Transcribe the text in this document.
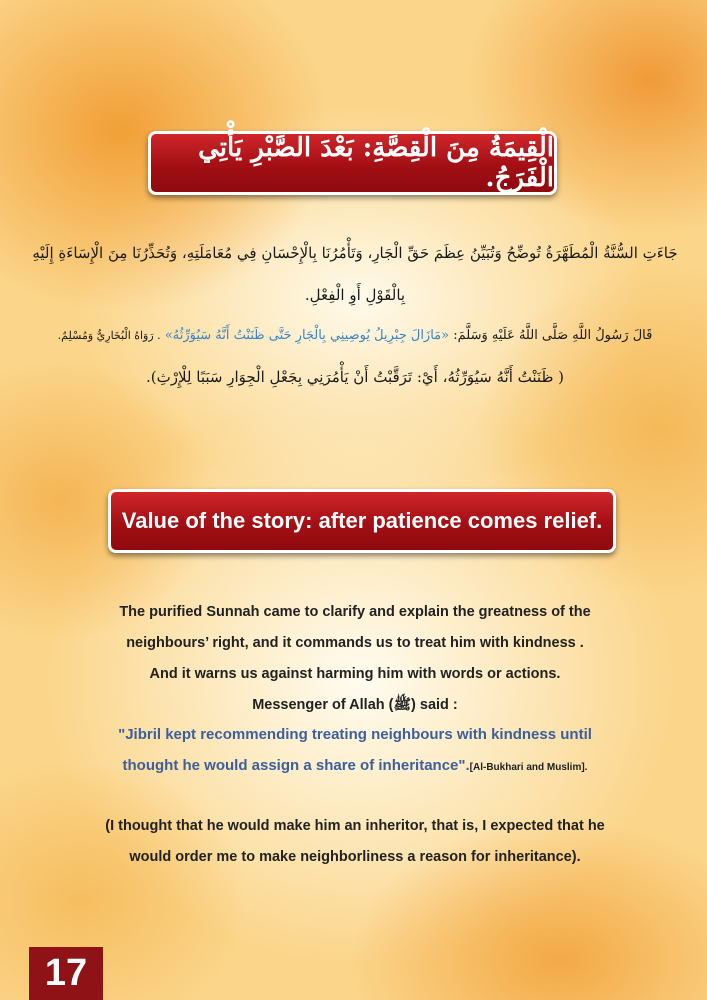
الْقِيمَةُ مِنَ الْقِصَّةِ: بَعْدَ الصَّبْرِ يَأْتِي الْفَرَجُ.
جَاءَتِ السُّنَّةُ الْمُطَهَّرَةُ تُوضِّحُ وَتُبَيِّنُ عِظَمَ حَقِّ الْجَارِ، وَتَأْمُرُنَا بِالْإِحْسَانِ فِي مُعَامَلَتِهِ، وَتُحَذِّرُنَا مِنَ الْإِسَاءَةِ إِلَيْهِ بِالْقَوْلِ أَوِ الْفِعْلِ.
قَالَ رَسُولُ اللَّهِ صَلَّى اللَّهُ عَلَيْهِ وَسَلَّمَ: «مَازَالَ جِبْرِيلُ يُوصِينِي بِالْجَارِ حَتَّى ظَنَنْتُ أَنَّهُ سَيُوَرِّثُهُ» . رَوَاهُ الْبُخَارِيُّ وَمُسْلِمٌ.
( ظَنَنْتُ أَنَّهُ سَيُوَرِّثُهُ، أَيْ: تَرَقَّبْتُ أَنْ يَأْمُرَنِي بِجَعْلِ الْجِوَارِ سَبَبًا لِلْإِرْثِ).
Value of the story: after patience comes relief.
The purified Sunnah came to clarify and explain the greatness of the
neighbours’ right, and it commands us to treat him with kindness .
And it warns us against harming him with words or actions.
Messenger of Allah (ﷺ) said :
"Jibril kept recommending treating neighbours with kindness until
thought he would assign a share of inheritance".[Al-Bukhari and Muslim].
(I thought that he would make him an inheritor, that is, I expected that he
would order me to make neighborliness a reason for inheritance).
17
